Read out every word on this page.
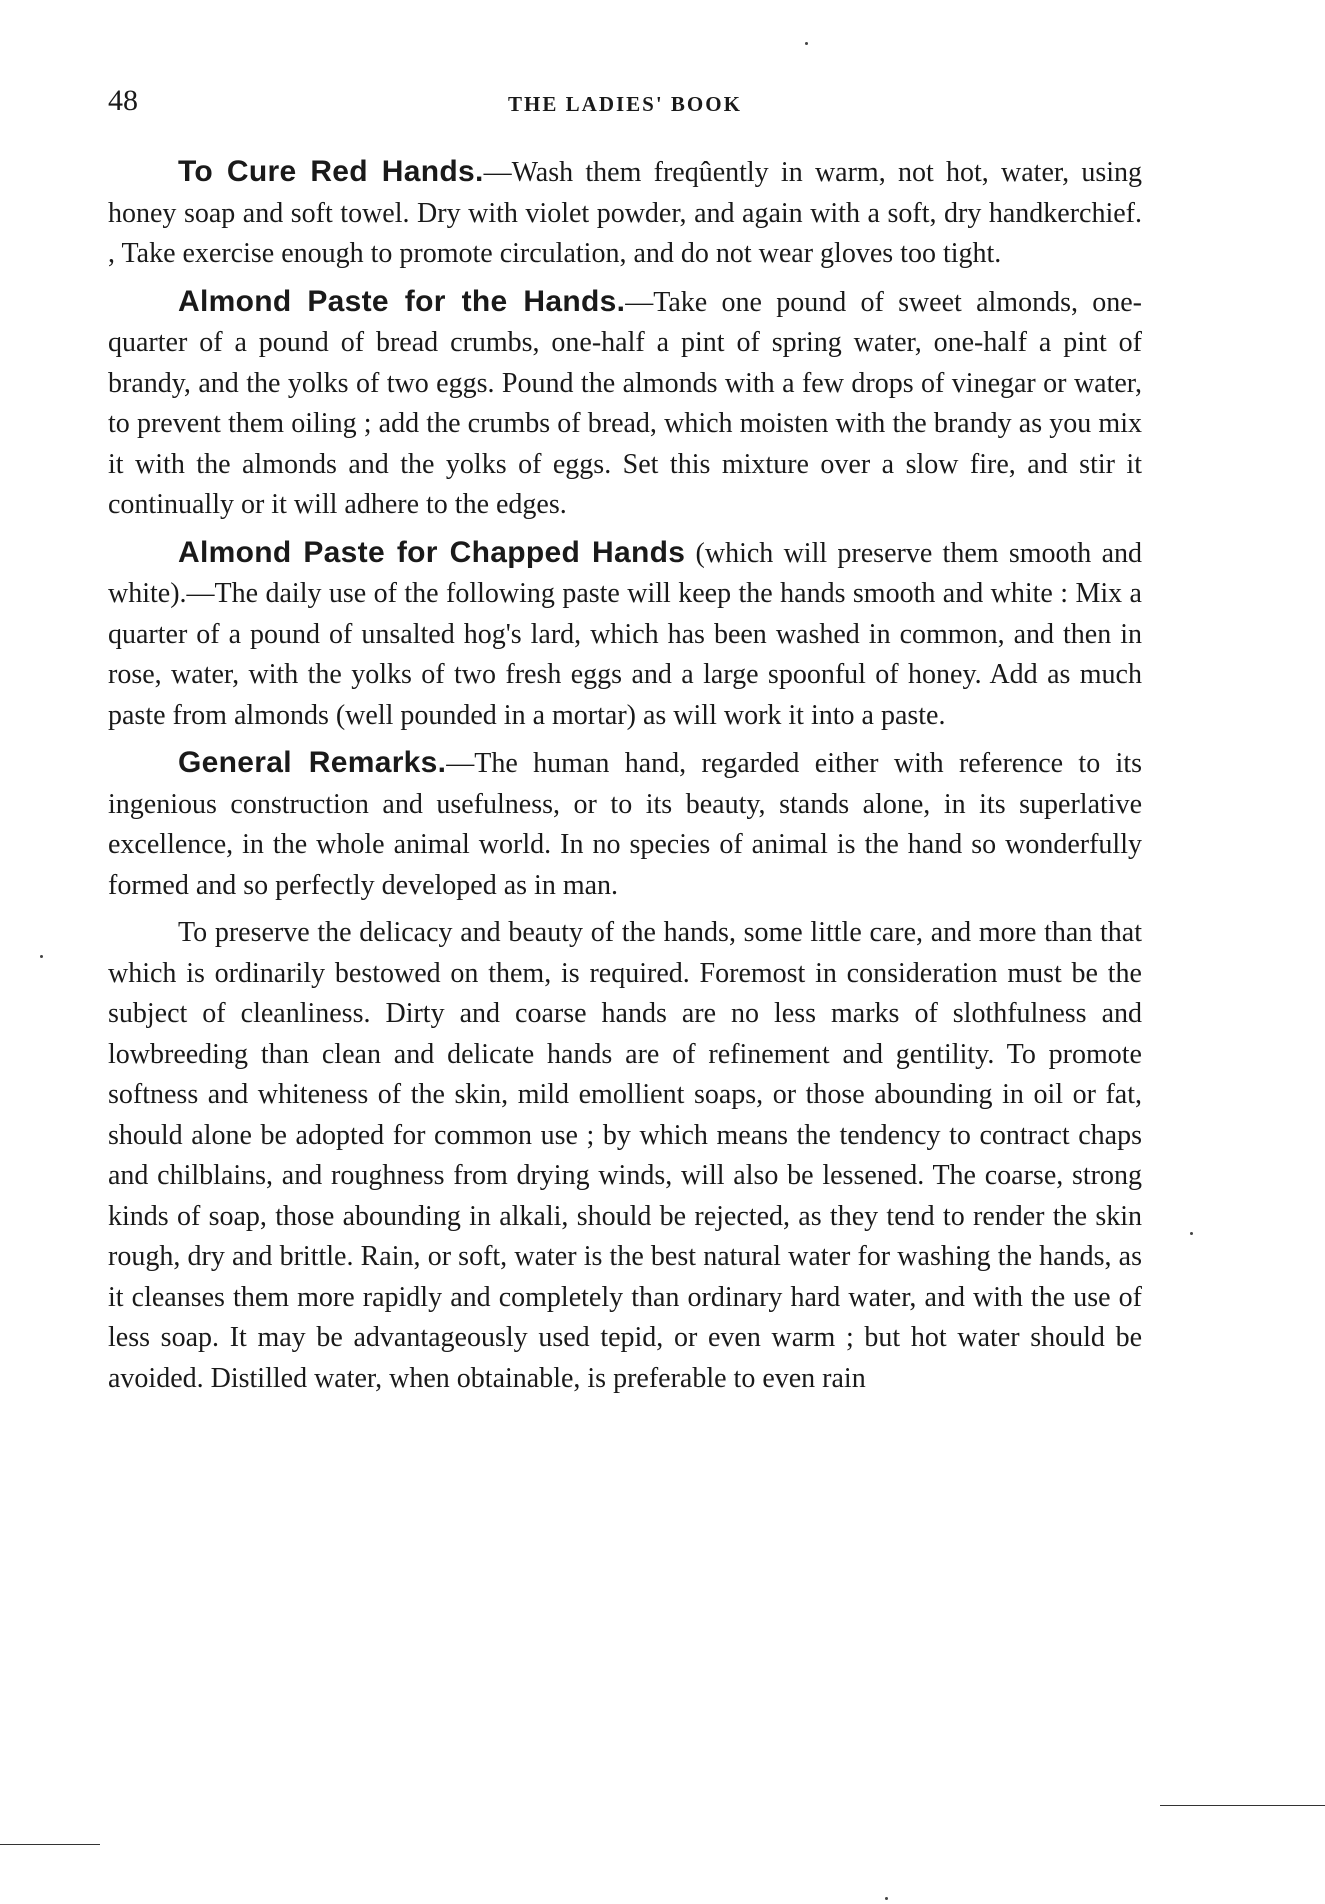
48	THE LADIES' BOOK

To Cure Red Hands.—Wash them freqûently in warm, not hot, water, using honey soap and soft towel. Dry with violet powder, and again with a soft, dry handkerchief. , Take exercise enough to promote circulation, and do not wear gloves too tight.

Almond Paste for the Hands.—Take one pound of sweet almonds, one-quarter of a pound of bread crumbs, one-half a pint of spring water, one-half a pint of brandy, and the yolks of two eggs. Pound the almonds with a few drops of vinegar or water, to prevent them oiling ; add the crumbs of bread, which moisten with the brandy as you mix it with the almonds and the yolks of eggs. Set this mixture over a slow fire, and stir it continually or it will adhere to the edges.

Almond Paste for Chapped Hands (which will preserve them smooth and white).—The daily use of the following paste will keep the hands smooth and white : Mix a quarter of a pound of unsalted hog's lard, which has been washed in common, and then in rose, water, with the yolks of two fresh eggs and a large spoonful of honey. Add as much paste from almonds (well pounded in a mortar) as will work it into a paste.

General Remarks.—The human hand, regarded either with reference to its ingenious construction and usefulness, or to its beauty, stands alone, in its superlative excellence, in the whole animal world. In no species of animal is the hand so wonderfully formed and so perfectly developed as in man.

To preserve the delicacy and beauty of the hands, some little care, and more than that which is ordinarily bestowed on them, is required. Foremost in consideration must be the subject of cleanliness. Dirty and coarse hands are no less marks of slothfulness and lowbreeding than clean and delicate hands are of refinement and gentility. To promote softness and whiteness of the skin, mild emollient soaps, or those abounding in oil or fat, should alone be adopted for common use ; by which means the tendency to contract chaps and chilblains, and roughness from drying winds, will also be lessened. The coarse, strong kinds of soap, those abounding in alkali, should be rejected, as they tend to render the skin rough, dry and brittle. Rain, or soft, water is the best natural water for washing the hands, as it cleanses them more rapidly and completely than ordinary hard water, and with the use of less soap. It may be advantageously used tepid, or even warm ; but hot water should be avoided. Distilled water, when obtainable, is preferable to even rain
